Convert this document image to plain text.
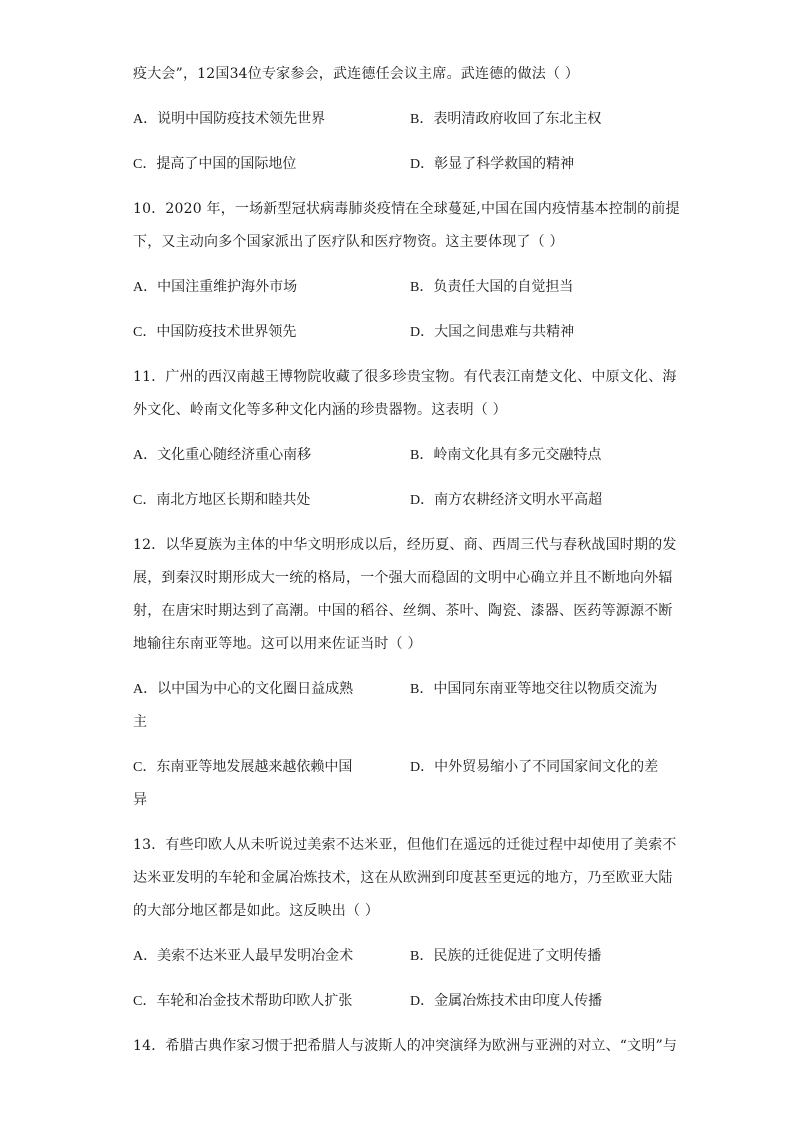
疫大会”，12国34位专家参会，武连德任会议主席。武连德的做法（ ）
A．说明中国防疫技术领先世界	B．表明清政府收回了东北主权
C．提高了中国的国际地位	D．彰显了科学救国的精神
10．2020 年，一场新型冠状病毒肺炎疫情在全球蔓延,中国在国内疫情基本控制的前提
下，又主动向多个国家派出了医疗队和医疗物资。这主要体现了（ ）
A．中国注重维护海外市场	B．负责任大国的自觉担当
C．中国防疫技术世界领先	D．大国之间患难与共精神
11．广州的西汉南越王博物院收藏了很多珍贵宝物。有代表江南楚文化、中原文化、海
外文化、岭南文化等多种文化内涵的珍贵器物。这表明（ ）
A．文化重心随经济重心南移	B．岭南文化具有多元交融特点
C．南北方地区长期和睦共处	D．南方农耕经济文明水平高超
12．以华夏族为主体的中华文明形成以后，经历夏、商、西周三代与春秋战国时期的发
展，到秦汉时期形成大一统的格局，一个强大而稳固的文明中心确立并且不断地向外辐
射，在唐宋时期达到了高潮。中国的稻谷、丝绸、茶叶、陶瓷、漆器、医药等源源不断
地输往东南亚等地。这可以用来佐证当时（ ）
A．以中国为中心的文化圈日益成熟	B．中国同东南亚等地交往以物质交流为
主
C．东南亚等地发展越来越依赖中国	D．中外贸易缩小了不同国家间文化的差
异
13．有些印欧人从未听说过美索不达米亚，但他们在遥远的迁徙过程中却使用了美索不
达米亚发明的车轮和金属冶炼技术，这在从欧洲到印度甚至更远的地方，乃至欧亚大陆
的大部分地区都是如此。这反映出（ ）
A．美索不达米亚人最早发明冶金术	B．民族的迁徙促进了文明传播
C．车轮和冶金技术帮助印欧人扩张	D．金属冶炼技术由印度人传播
14．希腊古典作家习惯于把希腊人与波斯人的冲突演绎为欧洲与亚洲的对立、“文明”与
